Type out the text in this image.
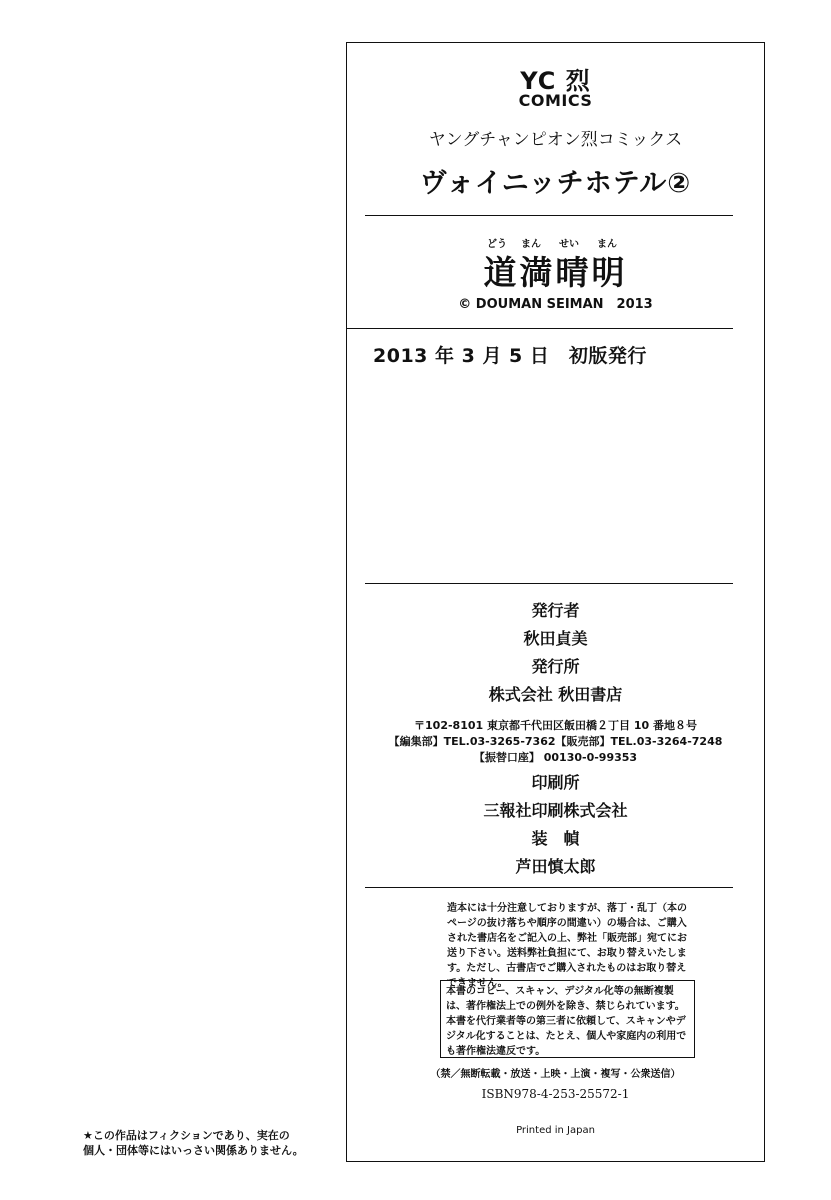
YC 烈
COMICS
ヤングチャンピオン烈コミックス
ヴォイニッチホテル②
どう まん せい まん
道満晴明
© DOUMAN SEIMAN　2013
2013 年 3 月 5 日　初版発行
発行者
秋田貞美
発行所
株式会社 秋田書店
〒102-8101 東京都千代田区飯田橋２丁目 10 番地８号
【編集部】TEL.03-3265-7362【販売部】TEL.03-3264-7248
【振替口座】 00130-0-99353
印刷所
三報社印刷株式会社
装　幀
芦田慎太郎
造本には十分注意しておりますが、落丁・乱丁（本のページの抜け落ちや順序の間違い）の場合は、ご購入された書店名をご記入の上、弊社「販売部」宛てにお送り下さい。送料弊社負担にて、お取り替えいたします。ただし、古書店でご購入されたものはお取り替えできません。
本書のコピー、スキャン、デジタル化等の無断複製は、著作権法上での例外を除き、禁じられています。本書を代行業者等の第三者に依頼して、スキャンやデジタル化することは、たとえ、個人や家庭内の利用でも著作権法違反です。
（禁／無断転載・放送・上映・上演・複写・公衆送信）
ISBN978-4-253-25572-1
Printed in Japan
★この作品はフィクションであり、実在の
個人・団体等にはいっさい関係ありません。
